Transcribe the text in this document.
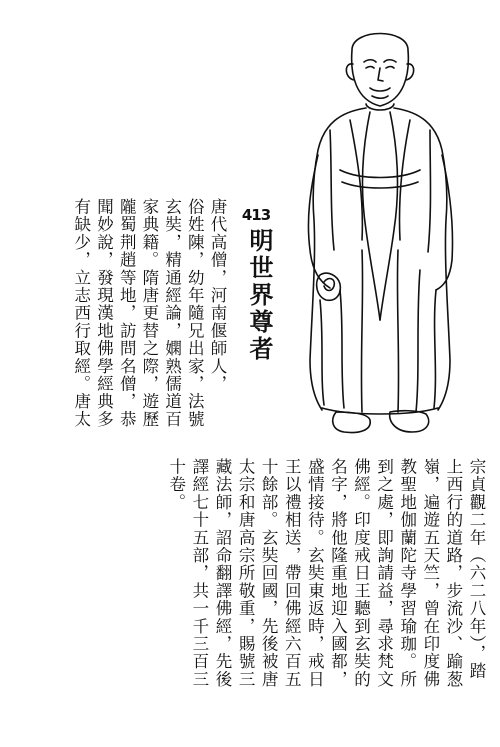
唐代高僧，河南偃師人，
俗姓陳，幼年隨兄出家，法號
玄奘，精通經論，嫻熟儒道百
家典籍。隋唐更替之際，遊歷
隴蜀荆趙等地，訪問名僧，恭
聞妙說，發現漢地佛學經典多
有缺少，立志西行取經。唐太	413
明世界尊者
宗貞觀二年（六二八年），踏
上西行的道路，步流沙、踰葱
嶺，遍遊五天竺，曾在印度佛
教聖地伽蘭陀寺學習瑜珈。所
到之處，即詢請益，尋求梵文
佛經。印度戒日王聽到玄奘的
名字，將他隆重地迎入國都，
盛情接待。玄奘東返時，戒日
王以禮相送，帶回佛經六百五
十餘部。玄奘回國，先後被唐
太宗和唐高宗所敬重，賜號三
藏法師，詔命翻譯佛經，先後
譯經七十五部，共一千三百三
十卷。
